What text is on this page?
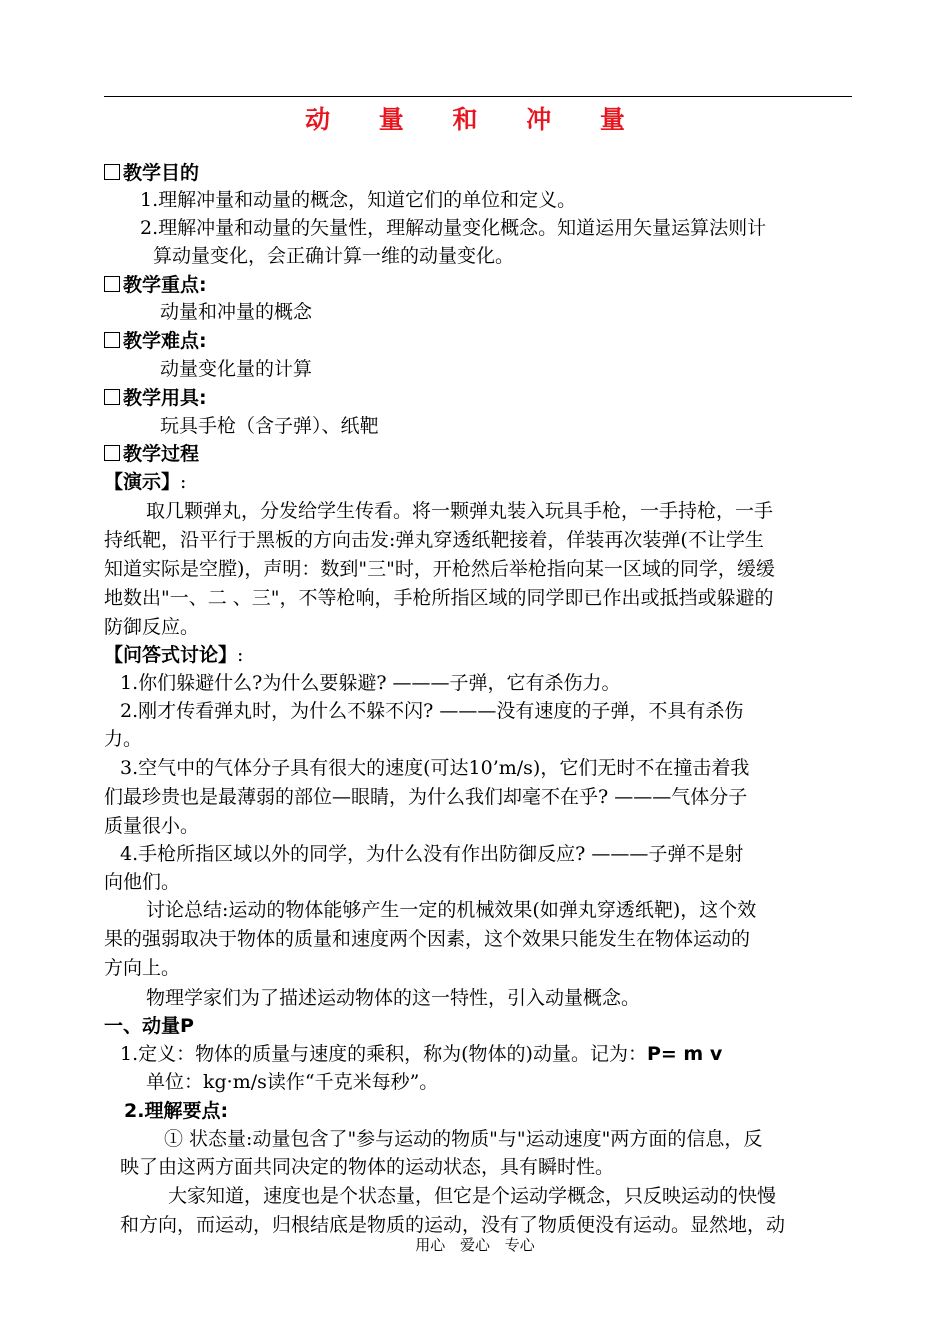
动 量 和 冲 量
教学目的
1.理解冲量和动量的概念，知道它们的单位和定义。
2.理解冲量和动量的矢量性，理解动量变化概念。知道运用矢量运算法则计
算动量变化，会正确计算一维的动量变化。
教学重点:
动量和冲量的概念
教学难点:
动量变化量的计算
教学用具:
玩具手枪（含子弹）、纸靶
教学过程
【演示】:
取几颗弹丸，分发给学生传看。将一颗弹丸装入玩具手枪，一手持枪，一手
持纸靶，沿平行于黑板的方向击发:弹丸穿透纸靶接着，佯装再次装弹(不让学生
知道实际是空膛)，声明：数到"三"时，开枪然后举枪指向某一区域的同学，缓缓
地数出"一、二 、三"，不等枪响，手枪所指区域的同学即已作出或抵挡或躲避的
防御反应。
【问答式讨论】:
1.你们躲避什么?为什么要躲避? ———子弹，它有杀伤力。
2.刚才传看弹丸时，为什么不躲不闪? ———没有速度的子弹，不具有杀伤
力。
3.空气中的气体分子具有很大的速度(可达10’m/s)，它们无时不在撞击着我
们最珍贵也是最薄弱的部位—眼睛，为什么我们却毫不在乎? ———气体分子
质量很小。
4.手枪所指区域以外的同学，为什么没有作出防御反应? ———子弹不是射
向他们。
讨论总结:运动的物体能够产生一定的机械效果(如弹丸穿透纸靶)，这个效
果的强弱取决于物体的质量和速度两个因素，这个效果只能发生在物体运动的
方向上。
物理学家们为了描述运动物体的这一特性，引入动量概念。
一、动量P
1.定义：物体的质量与速度的乘积，称为(物体的)动量。记为：P= m v
单位：kg·m/s读作“千克米每秒”。
2.理解要点:
① 状态量:动量包含了"参与运动的物质"与"运动速度"两方面的信息，反
映了由这两方面共同决定的物体的运动状态，具有瞬时性。
大家知道，速度也是个状态量，但它是个运动学概念，只反映运动的快慢
和方向，而运动，归根结底是物质的运动，没有了物质便没有运动。显然地，动
用心 爱心 专心
